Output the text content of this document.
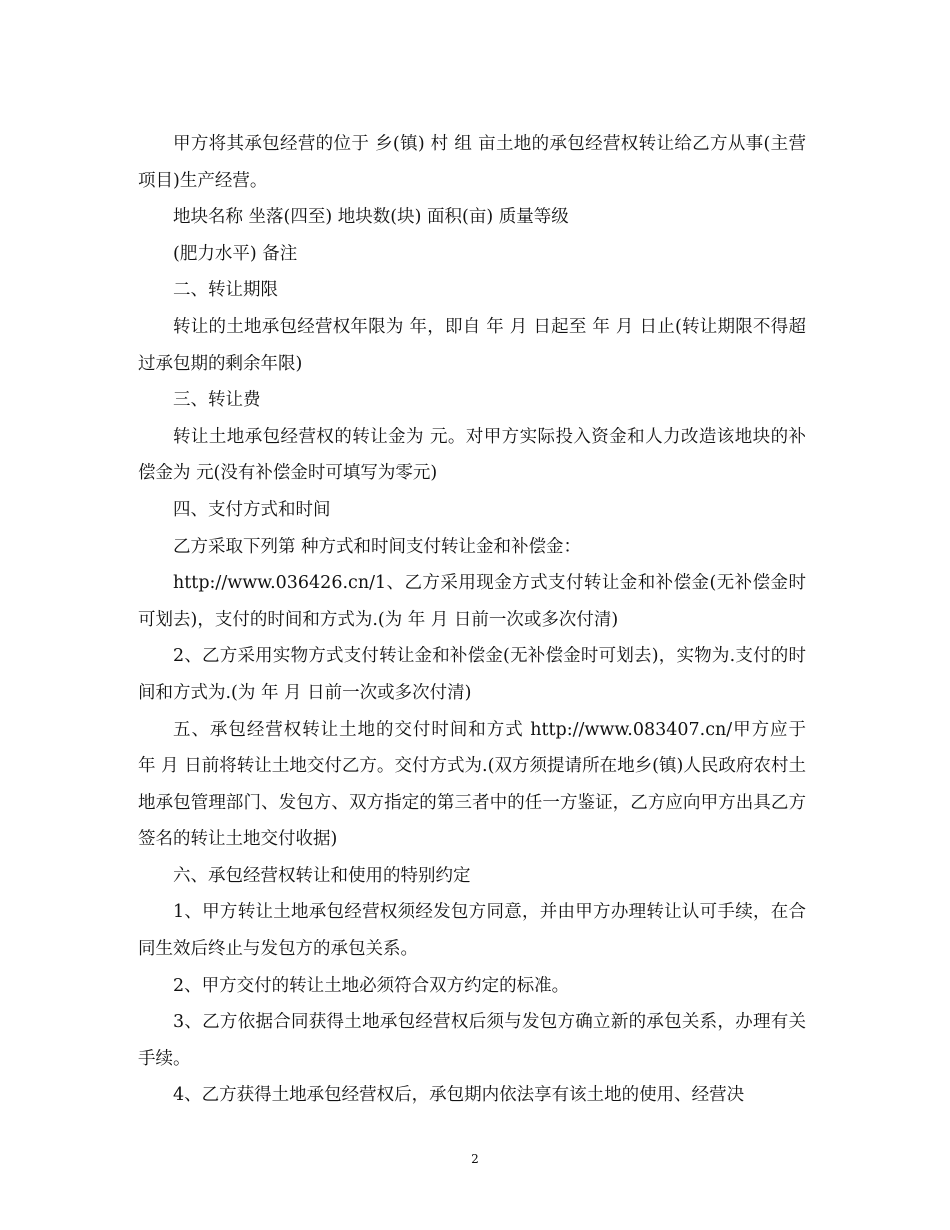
甲方将其承包经营的位于 乡(镇) 村 组 亩土地的承包经营权转让给乙方从事(主营项目)生产经营。

地块名称 坐落(四至) 地块数(块) 面积(亩) 质量等级

(肥力水平) 备注

二、转让期限

转让的土地承包经营权年限为 年，即自 年 月 日起至 年 月 日止(转让期限不得超过承包期的剩余年限)

三、转让费

转让土地承包经营权的转让金为 元。对甲方实际投入资金和人力改造该地块的补偿金为 元(没有补偿金时可填写为零元)

四、支付方式和时间

乙方采取下列第 种方式和时间支付转让金和补偿金：

http://www.036426.cn/1、乙方采用现金方式支付转让金和补偿金(无补偿金时可划去)，支付的时间和方式为.(为 年 月 日前一次或多次付清)

2、乙方采用实物方式支付转让金和补偿金(无补偿金时可划去)，实物为.支付的时间和方式为.(为 年 月 日前一次或多次付清)

五、承包经营权转让土地的交付时间和方式 http://www.083407.cn/甲方应于 年 月 日前将转让土地交付乙方。交付方式为.(双方须提请所在地乡(镇)人民政府农村土地承包管理部门、发包方、双方指定的第三者中的任一方鉴证，乙方应向甲方出具乙方签名的转让土地交付收据)

六、承包经营权转让和使用的特别约定

1、甲方转让土地承包经营权须经发包方同意，并由甲方办理转让认可手续，在合同生效后终止与发包方的承包关系。

2、甲方交付的转让土地必须符合双方约定的标准。

3、乙方依据合同获得土地承包经营权后须与发包方确立新的承包关系，办理有关手续。

4、乙方获得土地承包经营权后，承包期内依法享有该土地的使用、经营决

2
